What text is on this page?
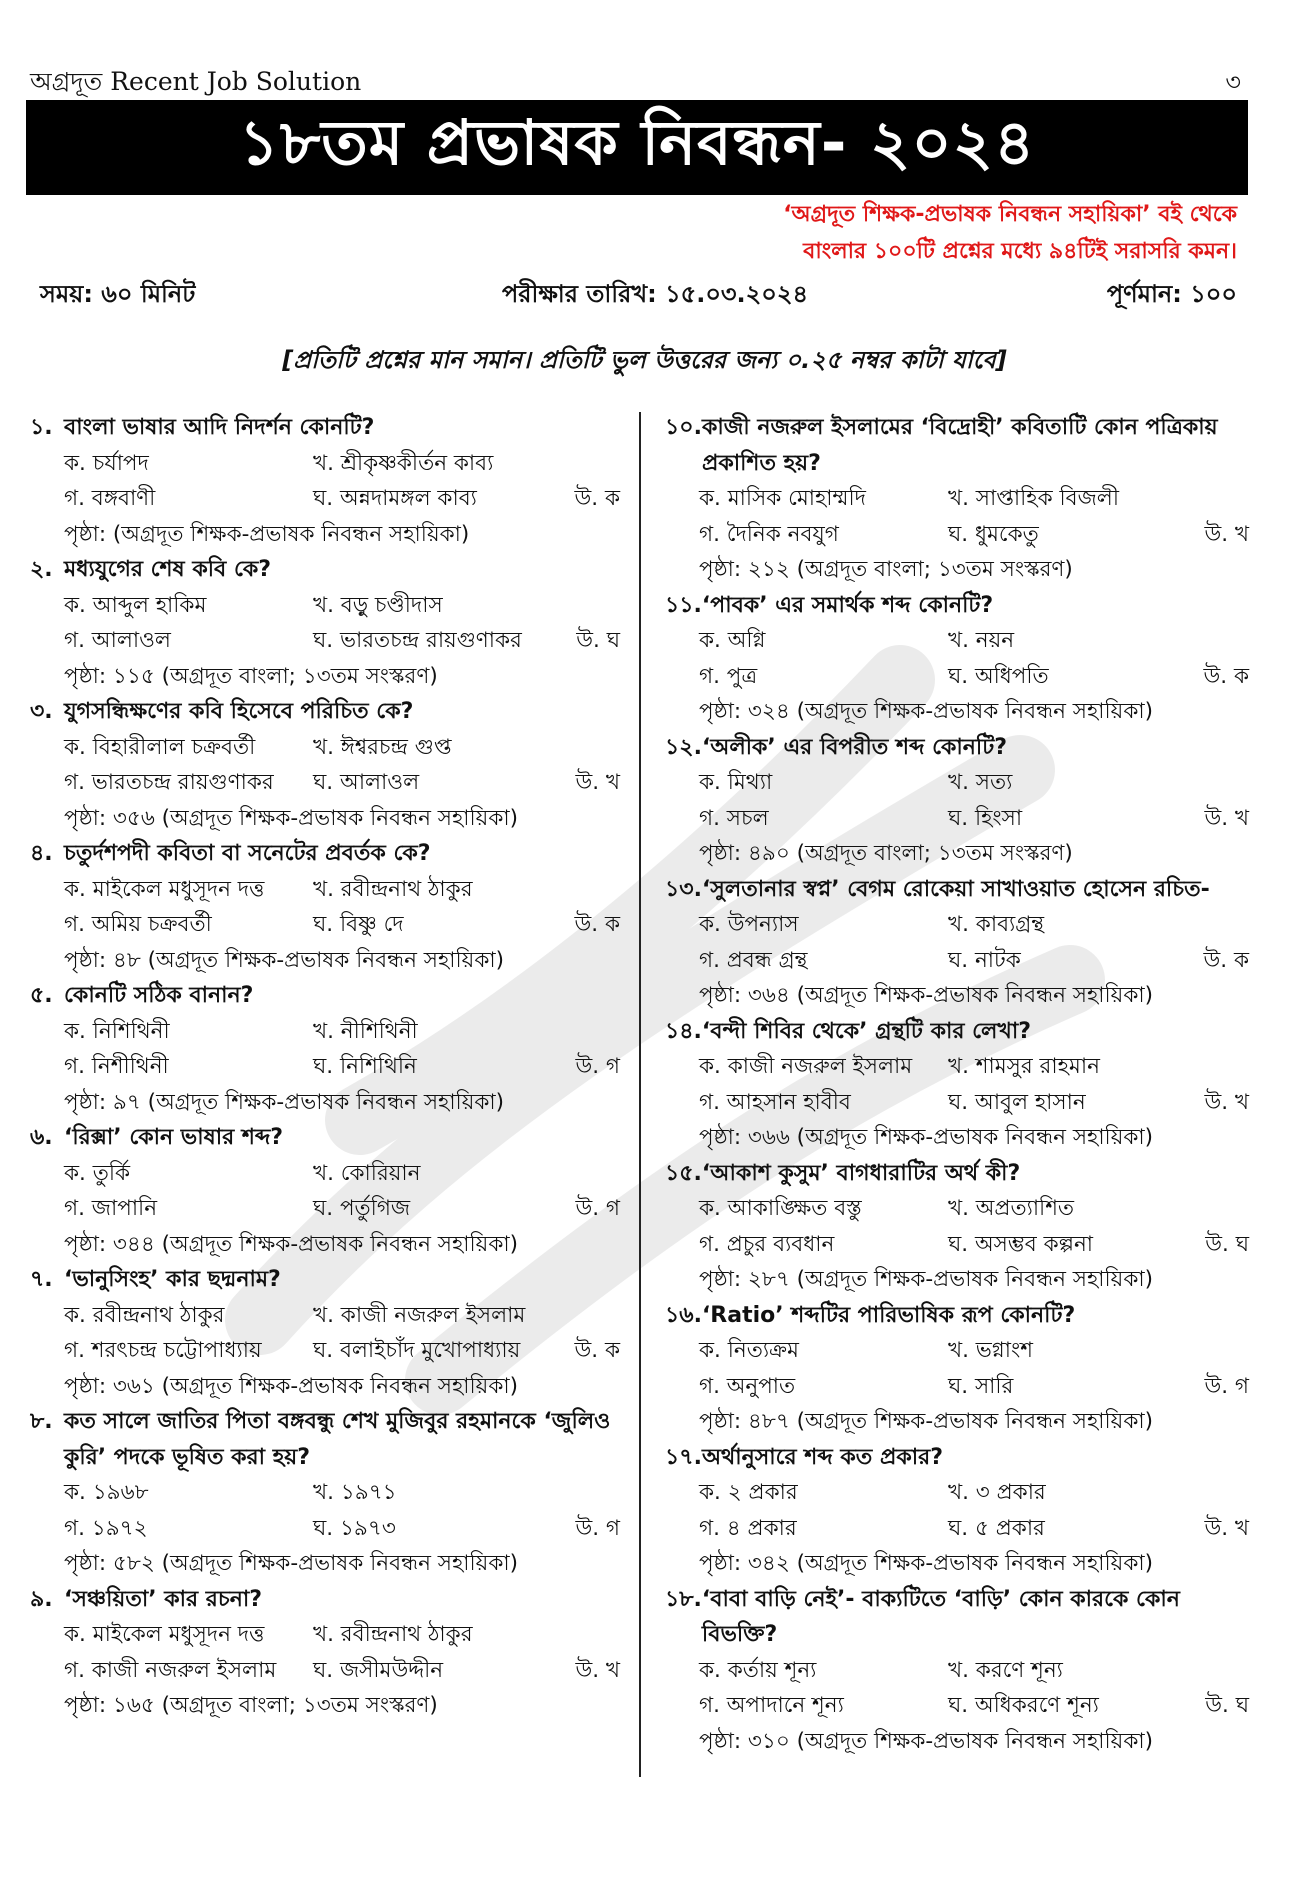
অগ্রদূত Recent Job Solution	৩
১৮তম প্রভাষক নিবন্ধন- ২০২৪
‘অগ্রদূত শিক্ষক-প্রভাষক নিবন্ধন সহায়িকা’ বই থেকে
বাংলার ১০০টি প্রশ্নের মধ্যে ৯৪টিই সরাসরি কমন।
সময়: ৬০ মিনিট	পরীক্ষার তারিখ: ১৫.০৩.২০২৪	পূর্ণমান: ১০০
[প্রতিটি প্রশ্নের মান সমান। প্রতিটি ভুল উত্তরের জন্য ০.২৫ নম্বর কাটা যাবে]
১. বাংলা ভাষার আদি নিদর্শন কোনটি?
ক. চর্যাপদ	খ. শ্রীকৃষ্ণকীর্তন কাব্য
গ. বঙ্গবাণী	ঘ. অন্নদামঙ্গল কাব্য	উ. ক
পৃষ্ঠা: (অগ্রদূত শিক্ষক-প্রভাষক নিবন্ধন সহায়িকা)
২. মধ্যযুগের শেষ কবি কে?
ক. আব্দুল হাকিম	খ. বড়ু চণ্ডীদাস
গ. আলাওল	ঘ. ভারতচন্দ্র রায়গুণাকর	উ. ঘ
পৃষ্ঠা: ১১৫ (অগ্রদূত বাংলা; ১৩তম সংস্করণ)
৩. যুগসন্ধিক্ষণের কবি হিসেবে পরিচিত কে?
ক. বিহারীলাল চক্রবর্তী	খ. ঈশ্বরচন্দ্র গুপ্ত
গ. ভারতচন্দ্র রায়গুণাকর ঘ. আলাওল	উ. খ
পৃষ্ঠা: ৩৫৬ (অগ্রদূত শিক্ষক-প্রভাষক নিবন্ধন সহায়িকা)
৪. চতুর্দশপদী কবিতা বা সনেটের প্রবর্তক কে?
ক. মাইকেল মধুসূদন দত্ত খ. রবীন্দ্রনাথ ঠাকুর
গ. অমিয় চক্রবর্তী	ঘ. বিষ্ণু দে	উ. ক
পৃষ্ঠা: ৪৮ (অগ্রদূত শিক্ষক-প্রভাষক নিবন্ধন সহায়িকা)
৫. কোনটি সঠিক বানান?
ক. নিশিথিনী	খ. নীশিথিনী
গ. নিশীথিনী	ঘ. নিশিথিনি	উ. গ
পৃষ্ঠা: ৯৭ (অগ্রদূত শিক্ষক-প্রভাষক নিবন্ধন সহায়িকা)
৬. ‘রিক্সা’ কোন ভাষার শব্দ?
ক. তুর্কি	খ. কোরিয়ান
গ. জাপানি	ঘ. পর্তুগিজ	উ. গ
পৃষ্ঠা: ৩৪৪ (অগ্রদূত শিক্ষক-প্রভাষক নিবন্ধন সহায়িকা)
৭. ‘ভানুসিংহ’ কার ছদ্মনাম?
ক. রবীন্দ্রনাথ ঠাকুর	খ. কাজী নজরুল ইসলাম
গ. শরৎচন্দ্র চট্টোপাধ্যায় ঘ. বলাইচাঁদ মুখোপাধ্যায়	উ. ক
পৃষ্ঠা: ৩৬১ (অগ্রদূত শিক্ষক-প্রভাষক নিবন্ধন সহায়িকা)
৮. কত সালে জাতির পিতা বঙ্গবন্ধু শেখ মুজিবুর রহমানকে ‘জুলিও কুরি’ পদকে ভূষিত করা হয়?
ক. ১৯৬৮	খ. ১৯৭১
গ. ১৯৭২	ঘ. ১৯৭৩	উ. গ
পৃষ্ঠা: ৫৮২ (অগ্রদূত শিক্ষক-প্রভাষক নিবন্ধন সহায়িকা)
৯. ‘সঞ্চয়িতা’ কার রচনা?
ক. মাইকেল মধুসূদন দত্ত খ. রবীন্দ্রনাথ ঠাকুর
গ. কাজী নজরুল ইসলাম ঘ. জসীমউদ্দীন	উ. খ
পৃষ্ঠা: ১৬৫ (অগ্রদূত বাংলা; ১৩তম সংস্করণ)
১০. কাজী নজরুল ইসলামের ‘বিদ্রোহী’ কবিতাটি কোন পত্রিকায় প্রকাশিত হয়?
ক. মাসিক মোহাম্মদি	খ. সাপ্তাহিক বিজলী
গ. দৈনিক নবযুগ	ঘ. ধুমকেতু	উ. খ
পৃষ্ঠা: ২১২ (অগ্রদূত বাংলা; ১৩তম সংস্করণ)
১১. ‘পাবক’ এর সমার্থক শব্দ কোনটি?
ক. অগ্নি	খ. নয়ন
গ. পুত্র	ঘ. অধিপতি	উ. ক
পৃষ্ঠা: ৩২৪ (অগ্রদূত শিক্ষক-প্রভাষক নিবন্ধন সহায়িকা)
১২. ‘অলীক’ এর বিপরীত শব্দ কোনটি?
ক. মিথ্যা	খ. সত্য
গ. সচল	ঘ. হিংসা	উ. খ
পৃষ্ঠা: ৪৯০ (অগ্রদূত বাংলা; ১৩তম সংস্করণ)
১৩. ‘সুলতানার স্বপ্ন’ বেগম রোকেয়া সাখাওয়াত হোসেন রচিত-
ক. উপন্যাস	খ. কাব্যগ্রন্থ
গ. প্রবন্ধ গ্রন্থ	ঘ. নাটক	উ. ক
পৃষ্ঠা: ৩৬৪ (অগ্রদূত শিক্ষক-প্রভাষক নিবন্ধন সহায়িকা)
১৪. ‘বন্দী শিবির থেকে’ গ্রন্থটি কার লেখা?
ক. কাজী নজরুল ইসলাম খ. শামসুর রাহমান
গ. আহসান হাবীব	ঘ. আবুল হাসান	উ. খ
পৃষ্ঠা: ৩৬৬ (অগ্রদূত শিক্ষক-প্রভাষক নিবন্ধন সহায়িকা)
১৫. ‘আকাশ কুসুম’ বাগধারাটির অর্থ কী?
ক. আকাঙ্ক্ষিত বস্তু	খ. অপ্রত্যাশিত
গ. প্রচুর ব্যবধান	ঘ. অসম্ভব কল্পনা	উ. ঘ
পৃষ্ঠা: ২৮৭ (অগ্রদূত শিক্ষক-প্রভাষক নিবন্ধন সহায়িকা)
১৬. ‘Ratio’ শব্দটির পারিভাষিক রূপ কোনটি?
ক. নিত্যক্রম	খ. ভগ্নাংশ
গ. অনুপাত	ঘ. সারি	উ. গ
পৃষ্ঠা: ৪৮৭ (অগ্রদূত শিক্ষক-প্রভাষক নিবন্ধন সহায়িকা)
১৭. অর্থানুসারে শব্দ কত প্রকার?
ক. ২ প্রকার	খ. ৩ প্রকার
গ. ৪ প্রকার	ঘ. ৫ প্রকার	উ. খ
পৃষ্ঠা: ৩৪২ (অগ্রদূত শিক্ষক-প্রভাষক নিবন্ধন সহায়িকা)
১৮. ‘বাবা বাড়ি নেই’- বাক্যটিতে ‘বাড়ি’ কোন কারকে কোন বিভক্তি?
ক. কর্তায় শূন্য	খ. করণে শূন্য
গ. অপাদানে শূন্য	ঘ. অধিকরণে শূন্য	উ. ঘ
পৃষ্ঠা: ৩১০ (অগ্রদূত শিক্ষক-প্রভাষক নিবন্ধন সহায়িকা)
